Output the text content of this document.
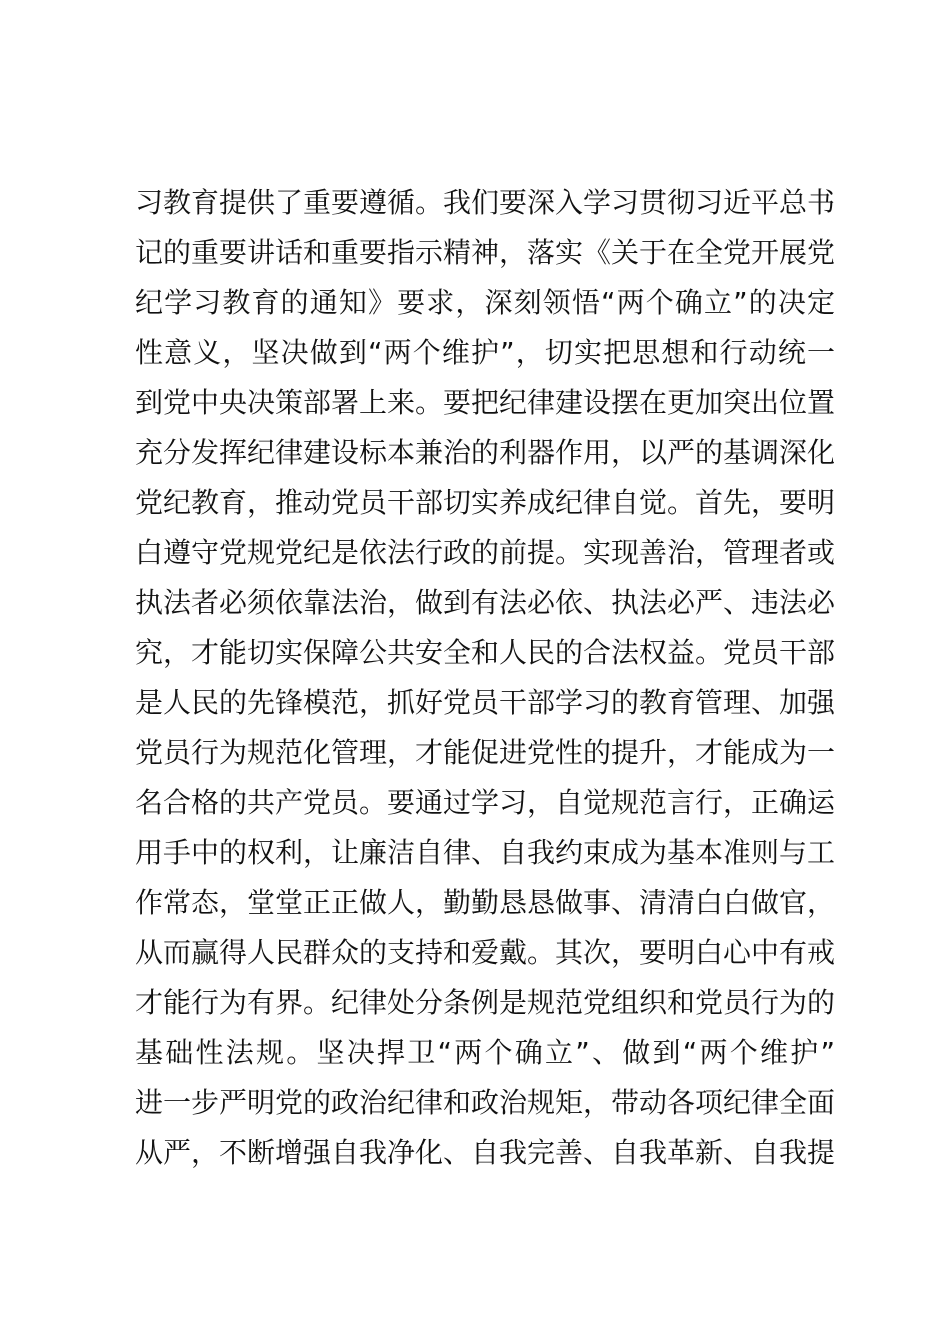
习教育提供了重要遵循。我们要深入学习贯彻习近平总书
记的重要讲话和重要指示精神，落实《关于在全党开展党
纪学习教育的通知》要求，深刻领悟“两个确立”的决定
性意义，坚决做到“两个维护”，切实把思想和行动统一
到党中央决策部署上来。要把纪律建设摆在更加突出位置
充分发挥纪律建设标本兼治的利器作用，以严的基调深化
党纪教育，推动党员干部切实养成纪律自觉。首先，要明
白遵守党规党纪是依法行政的前提。实现善治，管理者或
执法者必须依靠法治，做到有法必依、执法必严、违法必
究，才能切实保障公共安全和人民的合法权益。党员干部
是人民的先锋模范，抓好党员干部学习的教育管理、加强
党员行为规范化管理，才能促进党性的提升，才能成为一
名合格的共产党员。要通过学习，自觉规范言行，正确运
用手中的权利，让廉洁自律、自我约束成为基本准则与工
作常态，堂堂正正做人，勤勤恳恳做事、清清白白做官，
从而赢得人民群众的支持和爱戴。其次，要明白心中有戒
才能行为有界。纪律处分条例是规范党组织和党员行为的
基础性法规。坚决捍卫“两个确立”、做到“两个维护”
进一步严明党的政治纪律和政治规矩，带动各项纪律全面
从严，不断增强自我净化、自我完善、自我革新、自我提
